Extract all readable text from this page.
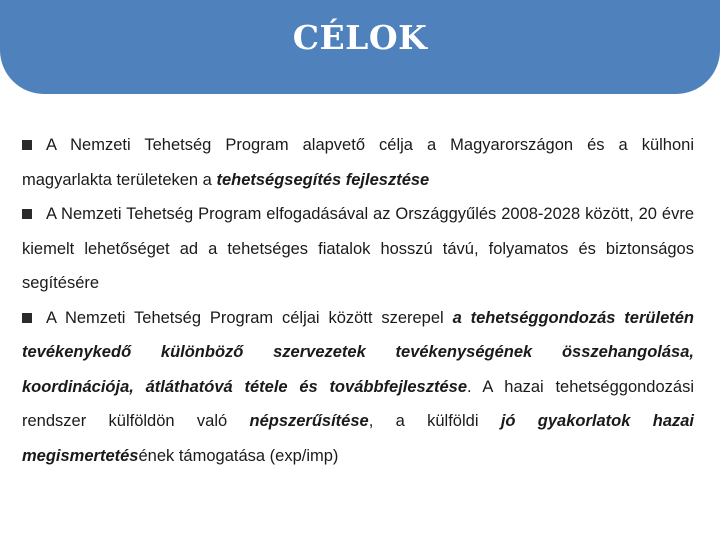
CÉLOK

A Nemzeti Tehetség Program alapvető célja a Magyarországon és a külhoni magyarlakta területeken a tehetségsegítés fejlesztése

A Nemzeti Tehetség Program elfogadásával az Országgyűlés 2008-2028 között, 20 évre kiemelt lehetőséget ad a tehetséges fiatalok hosszú távú, folyamatos és biztonságos segítésére

A Nemzeti Tehetség Program céljai között szerepel a tehetséggondozás területén tevékenykedő különböző szervezetek tevékenységének összehangolása, koordinációja, átláthatóvá tétele és továbbfejlesztése. A hazai tehetséggondozási rendszer külföldön való népszerűsítése, a külföldi jó gyakorlatok hazai megismertetésének támogatása (exp/imp)
